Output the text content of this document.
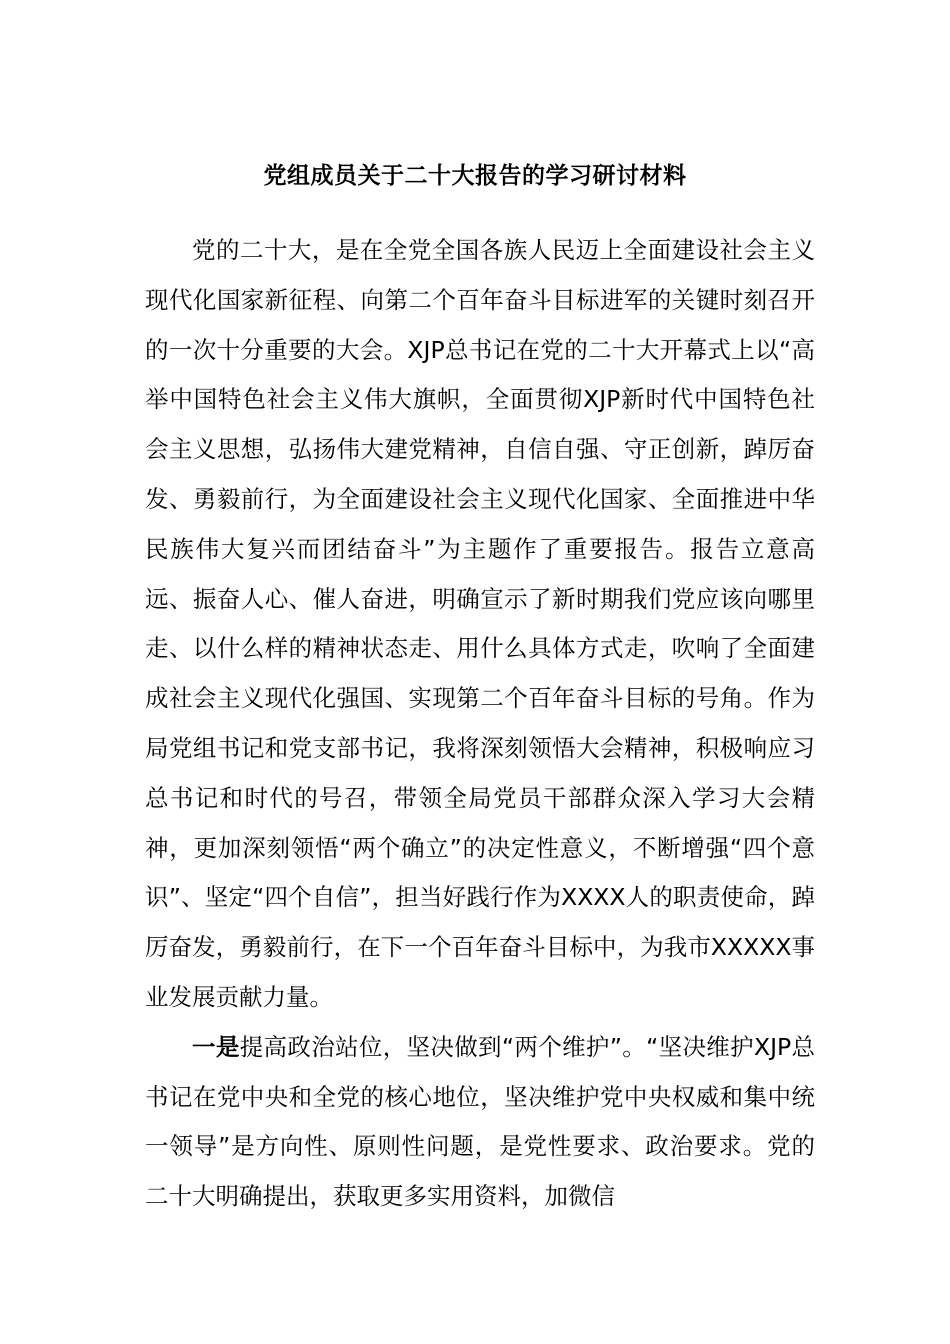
党组成员关于二十大报告的学习研讨材料

党的二十大，是在全党全国各族人民迈上全面建设社会主义现代化国家新征程、向第二个百年奋斗目标进军的关键时刻召开的一次十分重要的大会。XJP总书记在党的二十大开幕式上以“高举中国特色社会主义伟大旗帜，全面贯彻XJP新时代中国特色社会主义思想，弘扬伟大建党精神，自信自强、守正创新，踔厉奋发、勇毅前行，为全面建设社会主义现代化国家、全面推进中华民族伟大复兴而团结奋斗”为主题作了重要报告。报告立意高远、振奋人心、催人奋进，明确宣示了新时期我们党应该向哪里走、以什么样的精神状态走、用什么具体方式走，吹响了全面建成社会主义现代化强国、实现第二个百年奋斗目标的号角。作为局党组书记和党支部书记，我将深刻领悟大会精神，积极响应习总书记和时代的号召，带领全局党员干部群众深入学习大会精神，更加深刻领悟“两个确立”的决定性意义，不断增强“四个意识”、坚定“四个自信”，担当好践行作为XXXX人的职责使命，踔厉奋发，勇毅前行，在下一个百年奋斗目标中，为我市XXXXX事业发展贡献力量。

一是提高政治站位，坚决做到“两个维护”。“坚决维护XJP总书记在党中央和全党的核心地位，坚决维护党中央权威和集中统一领导”是方向性、原则性问题，是党性要求、政治要求。党的二十大明确提出，获取更多实用资料，加微信
